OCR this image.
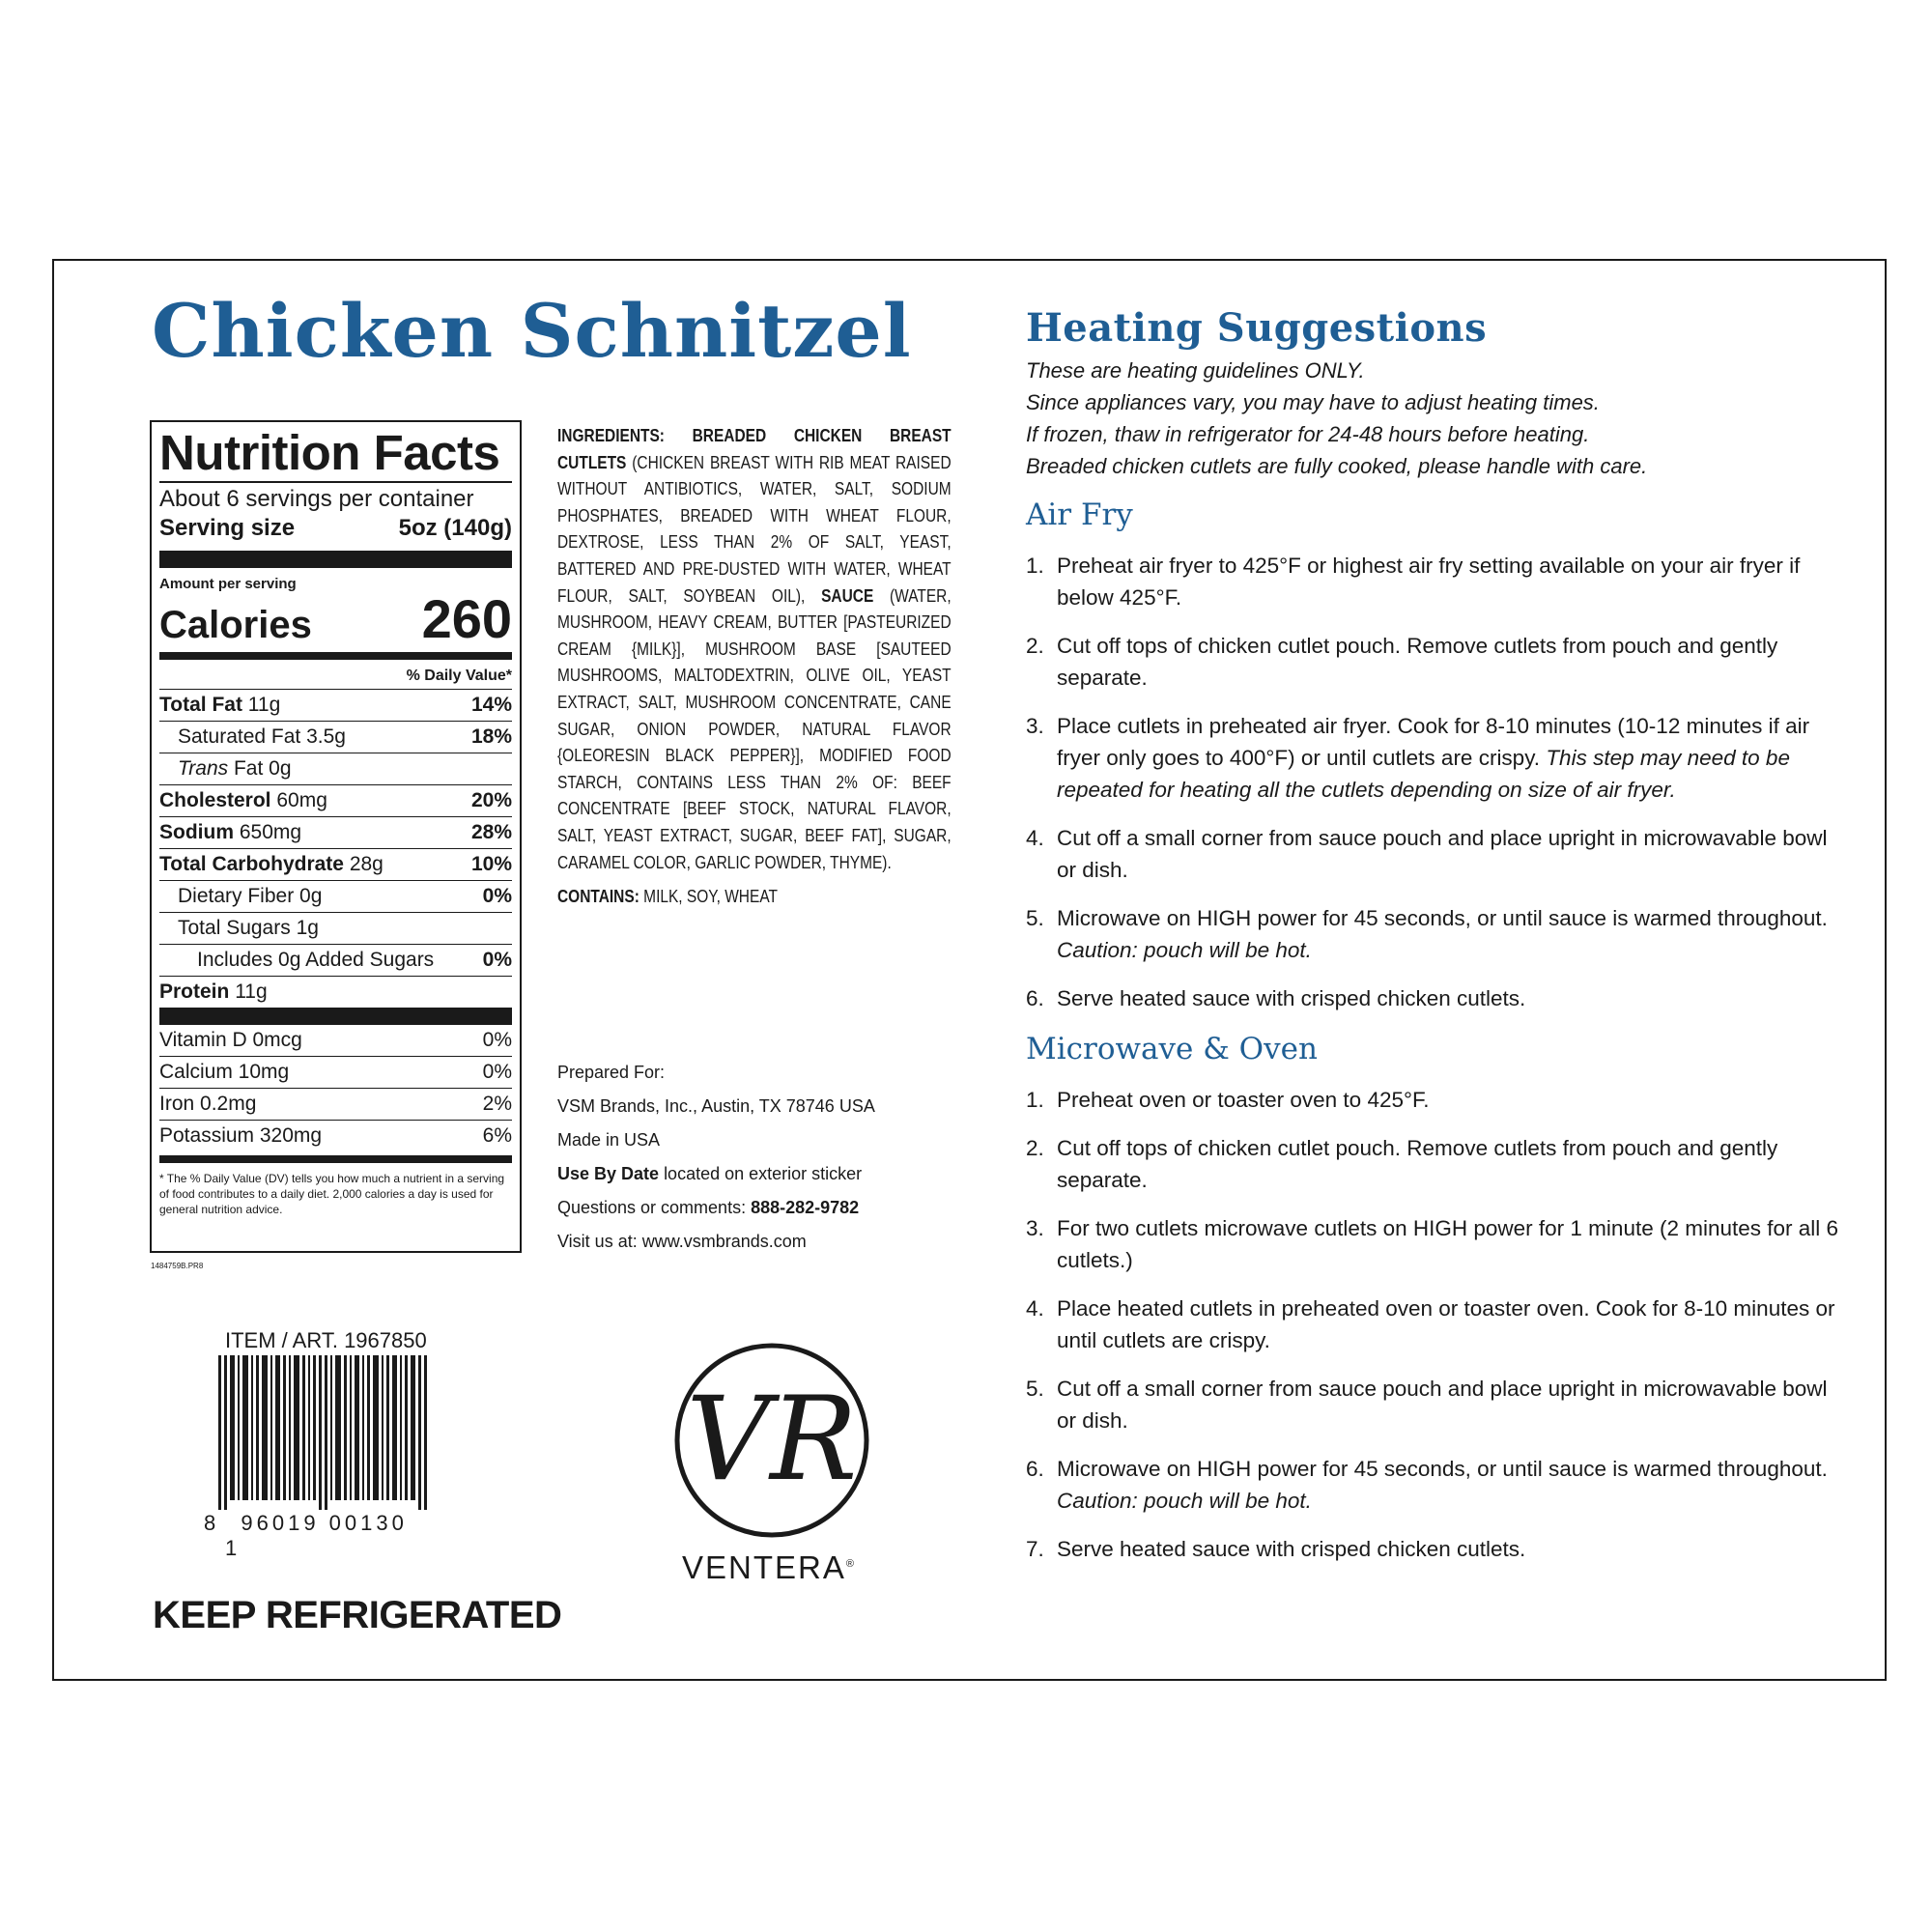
Chicken Schnitzel
Nutrition Facts
About 6 servings per container
Serving size	5oz (140g)
Amount per serving
Calories 260
% Daily Value*
Total Fat 11g	14%
Saturated Fat 3.5g	18%
Trans Fat 0g
Cholesterol 60mg	20%
Sodium 650mg	28%
Total Carbohydrate 28g	10%
Dietary Fiber 0g	0%
Total Sugars 1g
Includes 0g Added Sugars 0%
Protein 11g
Vitamin D 0mcg	0%
Calcium 10mg	0%
Iron 0.2mg	2%
Potassium 320mg	6%
* The % Daily Value (DV) tells you how much a nutrient in a serving of food contributes to a daily diet. 2,000 calories a day is used for general nutrition advice.
1484759B.PR8
INGREDIENTS: BREADED CHICKEN BREAST CUTLETS (CHICKEN BREAST WITH RIB MEAT RAISED WITHOUT ANTIBIOTICS, WATER, SALT, SODIUM PHOSPHATES, BREADED WITH WHEAT FLOUR, DEXTROSE, LESS THAN 2% OF SALT, YEAST, BATTERED AND PRE-DUSTED WITH WATER, WHEAT FLOUR, SALT, SOYBEAN OIL), SAUCE (WATER, MUSHROOM, HEAVY CREAM, BUTTER [PASTEURIZED CREAM {MILK}], MUSHROOM BASE [SAUTEED MUSHROOMS, MALTODEXTRIN, OLIVE OIL, YEAST EXTRACT, SALT, MUSHROOM CONCENTRATE, CANE SUGAR, ONION POWDER, NATURAL FLAVOR {OLEORESIN BLACK PEPPER}], MODIFIED FOOD STARCH, CONTAINS LESS THAN 2% OF: BEEF CONCENTRATE [BEEF STOCK, NATURAL FLAVOR, SALT, YEAST EXTRACT, SUGAR, BEEF FAT], SUGAR, CARAMEL COLOR, GARLIC POWDER, THYME).
CONTAINS: MILK, SOY, WHEAT
Prepared For:
VSM Brands, Inc., Austin, TX 78746 USA
Made in USA
Use By Date located on exterior sticker
Questions or comments: 888-282-9782
Visit us at: www.vsmbrands.com
ITEM / ART. 1967850
8 96019 00130 1
KEEP REFRIGERATED
VR
VENTERA®
Heating Suggestions
These are heating guidelines ONLY.
Since appliances vary, you may have to adjust heating times.
If frozen, thaw in refrigerator for 24-48 hours before heating.
Breaded chicken cutlets are fully cooked, please handle with care.
Air Fry
1. Preheat air fryer to 425°F or highest air fry setting available on your air fryer if below 425°F.
2. Cut off tops of chicken cutlet pouch. Remove cutlets from pouch and gently separate.
3. Place cutlets in preheated air fryer. Cook for 8-10 minutes (10-12 minutes if air fryer only goes to 400°F) or until cutlets are crispy. This step may need to be repeated for heating all the cutlets depending on size of air fryer.
4. Cut off a small corner from sauce pouch and place upright in microwavable bowl or dish.
5. Microwave on HIGH power for 45 seconds, or until sauce is warmed throughout. Caution: pouch will be hot.
6. Serve heated sauce with crisped chicken cutlets.
Microwave & Oven
1. Preheat oven or toaster oven to 425°F.
2. Cut off tops of chicken cutlet pouch. Remove cutlets from pouch and gently separate.
3. For two cutlets microwave cutlets on HIGH power for 1 minute (2 minutes for all 6 cutlets.)
4. Place heated cutlets in preheated oven or toaster oven. Cook for 8-10 minutes or until cutlets are crispy.
5. Cut off a small corner from sauce pouch and place upright in microwavable bowl or dish.
6. Microwave on HIGH power for 45 seconds, or until sauce is warmed throughout. Caution: pouch will be hot.
7. Serve heated sauce with crisped chicken cutlets.
